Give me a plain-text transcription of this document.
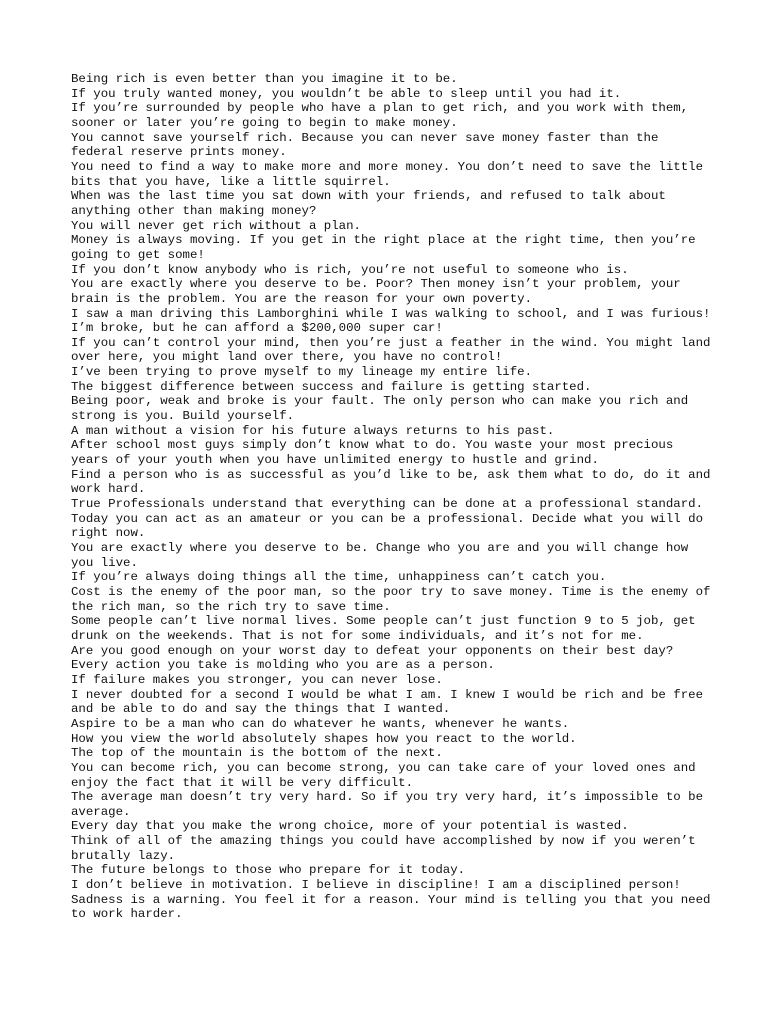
Being rich is even better than you imagine it to be.

If you truly wanted money, you wouldn’t be able to sleep until you had it.

If you’re surrounded by people who have a plan to get rich, and you work with them, sooner or later you’re going to begin to make money.

You cannot save yourself rich. Because you can never save money faster than the federal reserve prints money.

You need to find a way to make more and more money. You don’t need to save the little bits that you have, like a little squirrel.

When was the last time you sat down with your friends, and refused to talk about anything other than making money?

You will never get rich without a plan.

Money is always moving. If you get in the right place at the right time, then you’re going to get some!

If you don’t know anybody who is rich, you’re not useful to someone who is.

You are exactly where you deserve to be. Poor? Then money isn’t your problem, your brain is the problem. You are the reason for your own poverty.

I saw a man driving this Lamborghini while I was walking to school, and I was furious! I’m broke, but he can afford a $200,000 super car!

If you can’t control your mind, then you’re just a feather in the wind. You might land over here, you might land over there, you have no control!

I’ve been trying to prove myself to my lineage my entire life.

The biggest difference between success and failure is getting started.

Being poor, weak and broke is your fault. The only person who can make you rich and strong is you. Build yourself.

A man without a vision for his future always returns to his past.

After school most guys simply don’t know what to do. You waste your most precious years of your youth when you have unlimited energy to hustle and grind.

Find a person who is as successful as you’d like to be, ask them what to do, do it and work hard.

True Professionals understand that everything can be done at a professional standard.

Today you can act as an amateur or you can be a professional. Decide what you will do right now.

You are exactly where you deserve to be. Change who you are and you will change how you live.

If you’re always doing things all the time, unhappiness can’t catch you.

Cost is the enemy of the poor man, so the poor try to save money. Time is the enemy of the rich man, so the rich try to save time.

Some people can’t live normal lives. Some people can’t just function 9 to 5 job, get drunk on the weekends. That is not for some individuals, and it’s not for me.

Are you good enough on your worst day to defeat your opponents on their best day?

Every action you take is molding who you are as a person.

If failure makes you stronger, you can never lose.

I never doubted for a second I would be what I am. I knew I would be rich and be free and be able to do and say the things that I wanted.

Aspire to be a man who can do whatever he wants, whenever he wants.

How you view the world absolutely shapes how you react to the world.

The top of the mountain is the bottom of the next.

You can become rich, you can become strong, you can take care of your loved ones and enjoy the fact that it will be very difficult.

The average man doesn’t try very hard. So if you try very hard, it’s impossible to be average.

Every day that you make the wrong choice, more of your potential is wasted.

Think of all of the amazing things you could have accomplished by now if you weren’t brutally lazy.

The future belongs to those who prepare for it today.

I don’t believe in motivation. I believe in discipline! I am a disciplined person!

Sadness is a warning. You feel it for a reason. Your mind is telling you that you need to work harder.
